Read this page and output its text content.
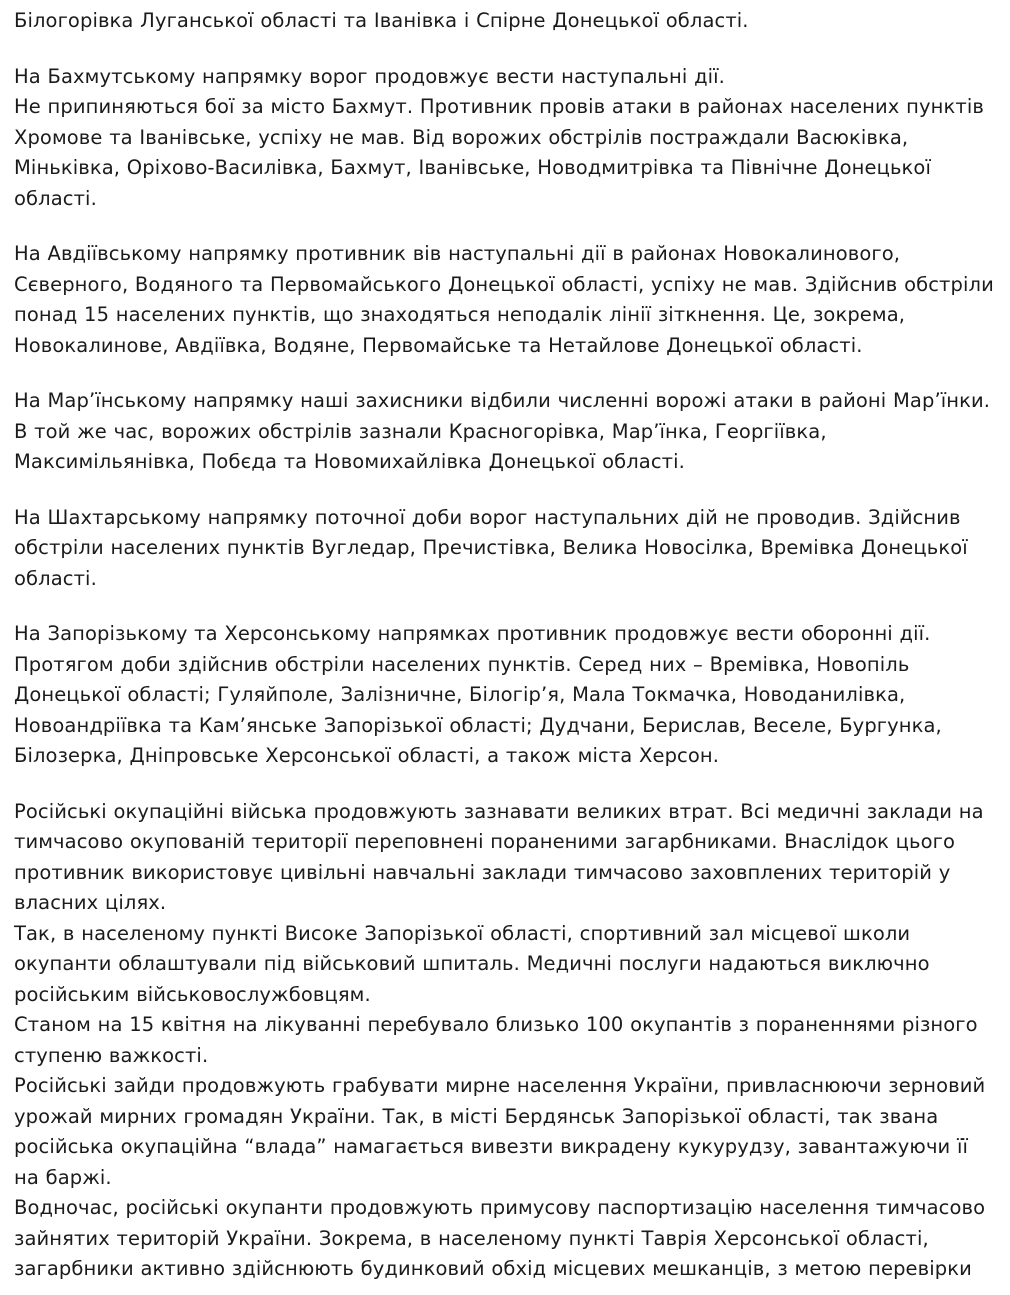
Білогорівка Луганської області та Іванівка і Спірне Донецької області.

На Бахмутському напрямку ворог продовжує вести наступальні дії.

Не припиняються бої за місто Бахмут. Противник провів атаки в районах населених пунктів Хромове та Іванівське, успіху не мав. Від ворожих обстрілів постраждали Васюківка, Міньківка, Оріхово-Василівка, Бахмут, Іванівське, Новодмитрівка та Північне Донецької області.

На Авдіївському напрямку противник вів наступальні дії в районах Новокалинового, Сєверного, Водяного та Первомайського Донецької області, успіху не мав. Здійснив обстріли понад 15 населених пунктів, що знаходяться неподалік лінії зіткнення. Це, зокрема, Новокалинове, Авдіївка, Водяне, Первомайське та Нетайлове Донецької області.

На Мар’їнському напрямку наші захисники відбили численні ворожі атаки в районі Мар’їнки. В той же час, ворожих обстрілів зазнали Красногорівка, Мар’їнка, Георгіївка, Максимільянівка, Побєда та Новомихайлівка Донецької області.

На Шахтарському напрямку поточної доби ворог наступальних дій не проводив. Здійснив обстріли населених пунктів Вугледар, Пречистівка, Велика Новосілка, Времівка Донецької області.

На Запорізькому та Херсонському напрямках противник продовжує вести оборонні дії. Протягом доби здійснив обстріли населених пунктів. Серед них – Времівка, Новопіль Донецької області; Гуляйполе, Залізничне, Білогір’я, Мала Токмачка, Новоданилівка, Новоандріївка та Кам’янське Запорізької області; Дудчани, Берислав, Веселе, Бургунка, Білозерка, Дніпровське Херсонської області, а також міста Херсон.

Російські окупаційні війська продовжують зазнавати великих втрат. Всі медичні заклади на тимчасово окупованій території переповнені пораненими загарбниками. Внаслідок цього противник використовує цивільні навчальні заклади тимчасово заховплених територій у власних цілях.

Так, в населеному пункті Високе Запорізької області, спортивний зал місцевої школи окупанти облаштували під військовий шпиталь. Медичні послуги надаються виключно російським військовослужбовцям.

Станом на 15 квітня на лікуванні перебувало близько 100 окупантів з пораненнями різного ступеню важкості.

Російські зайди продовжують грабувати мирне населення України, привласнюючи зерновий урожай мирних громадян України. Так, в місті Бердянськ Запорізької області, так звана російська окупаційна “влада” намагається вивезти викрадену кукурудзу, завантажуючи її на баржі.

Водночас, російські окупанти продовжують примусову паспортизацію населення тимчасово зайнятих територій України. Зокрема, в населеному пункті Таврія Херсонської області, загарбники активно здійснюють будинковий обхід місцевих мешканців, з метою перевірки
